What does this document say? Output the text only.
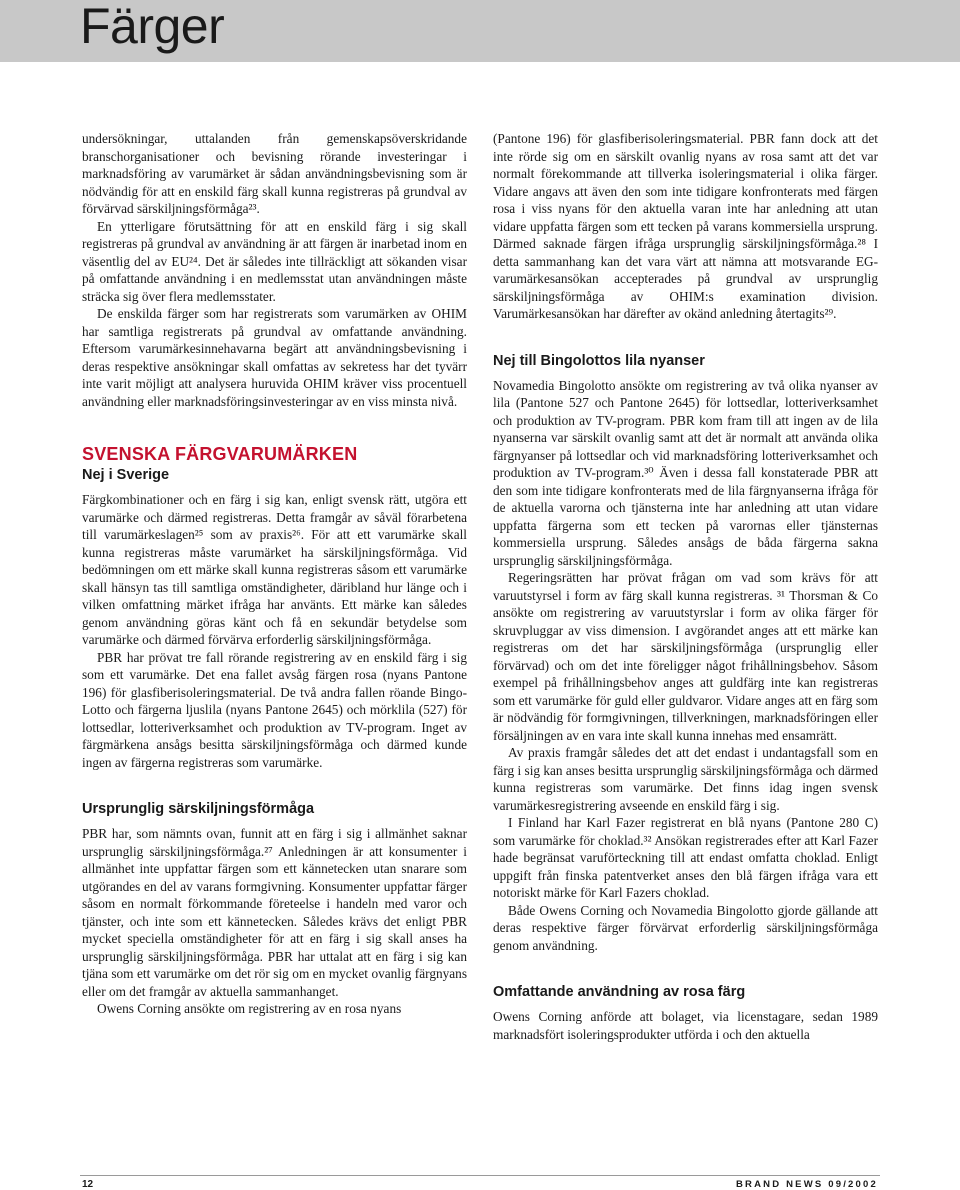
Färger

undersökningar, uttalanden från gemenskapsöverskridande branschorganisationer och bevisning rörande investeringar i marknadsföring av varumärket är sådan användningsbevisning som är nödvändig för att en enskild färg skall kunna registreras på grundval av förvärvad särskiljningsförmåga²³.

En ytterligare förutsättning för att en enskild färg i sig skall registreras på grundval av användning är att färgen är inarbetad inom en väsentlig del av EU²⁴. Det är således inte tillräckligt att sökanden visar på omfattande användning i en medlemsstat utan användningen måste sträcka sig över flera medlemsstater.

De enskilda färger som har registrerats som varumärken av OHIM har samtliga registrerats på grundval av omfattande användning. Eftersom varumärkesinnehavarna begärt att användningsbevisning i deras respektive ansökningar skall omfattas av sekretess har det tyvärr inte varit möjligt att analysera huruvida OHIM kräver viss procentuell användning eller marknadsföringsinvesteringar av en viss minsta nivå.

SVENSKA FÄRGVARUMÄRKEN
Nej i Sverige

Färgkombinationer och en färg i sig kan, enligt svensk rätt, utgöra ett varumärke och därmed registreras. Detta framgår av såväl förarbetena till varumärkeslagen²⁵ som av praxis²⁶. För att ett varumärke skall kunna registreras måste varumärket ha särskiljningsförmåga. Vid bedömningen om ett märke skall kunna registreras såsom ett varumärke skall hänsyn tas till samtliga omständigheter, däribland hur länge och i vilken omfattning märket ifråga har använts. Ett märke kan således genom användning göras känt och få en sekundär betydelse som varumärke och därmed förvärva erforderlig särskiljningsförmåga.

PBR har prövat tre fall rörande registrering av en enskild färg i sig som ett varumärke. Det ena fallet avsåg färgen rosa (nyans Pantone 196) för glasfiberisoleringsmaterial. De två andra fallen röande Bingo-Lotto och färgerna ljuslila (nyans Pantone 2645) och mörklila (527) för lottsedlar, lotteriverksamhet och produktion av TV-program. Inget av färgmärkena ansågs besitta särskiljningsförmåga och därmed kunde ingen av färgerna registreras som varumärke.

Ursprunglig särskiljningsförmåga

PBR har, som nämnts ovan, funnit att en färg i sig i allmänhet saknar ursprunglig särskiljningsförmåga.²⁷ Anledningen är att konsumenter i allmänhet inte uppfattar färgen som ett kännetecken utan snarare som utgörandes en del av varans formgivning. Konsumenter uppfattar färger såsom en normalt förkommande företeelse i handeln med varor och tjänster, och inte som ett kännetecken. Således krävs det enligt PBR mycket speciella omständigheter för att en färg i sig skall anses ha ursprunglig särskiljningsförmåga. PBR har uttalat att en färg i sig kan tjäna som ett varumärke om det rör sig om en mycket ovanlig färgnyans eller om det framgår av aktuella sammanhanget.

Owens Corning ansökte om registrering av en rosa nyans

(Pantone 196) för glasfiberisoleringsmaterial. PBR fann dock att det inte rörde sig om en särskilt ovanlig nyans av rosa samt att det var normalt förekommande att tillverka isoleringsmaterial i olika färger. Vidare angavs att även den som inte tidigare konfronterats med färgen rosa i viss nyans för den aktuella varan inte har anledning att utan vidare uppfatta färgen som ett tecken på varans kommersiella ursprung. Därmed saknade färgen ifråga ursprunglig särskiljningsförmåga.²⁸ I detta sammanhang kan det vara värt att nämna att motsvarande EG-varumärkesansökan accepterades på grundval av ursprunglig särskiljningsförmåga av OHIM:s examination division. Varumärkesansökan har därefter av okänd anledning återtagits²⁹.

Nej till Bingolottos lila nyanser

Novamedia Bingolotto ansökte om registrering av två olika nyanser av lila (Pantone 527 och Pantone 2645) för lottsedlar, lotteriverksamhet och produktion av TV-program. PBR kom fram till att ingen av de lila nyanserna var särskilt ovanlig samt att det är normalt att använda olika färgnyanser på lottsedlar och vid marknadsföring lotteriverksamhet och produktion av TV-program.³⁰ Även i dessa fall konstaterade PBR att den som inte tidigare konfronterats med de lila färgnyanserna ifråga för de aktuella varorna och tjänsterna inte har anledning att utan vidare uppfatta färgerna som ett tecken på varornas eller tjänsternas kommersiella ursprung. Således ansågs de båda färgerna sakna ursprunglig särskiljningsförmåga.

Regeringsrätten har prövat frågan om vad som krävs för att varuutstyrsel i form av färg skall kunna registreras. ³¹ Thorsman & Co ansökte om registrering av varuutstyrslar i form av olika färger för skruvpluggar av viss dimension. I avgörandet anges att ett märke kan registreras om det har särskiljningsförmåga (ursprunglig eller förvärvad) och om det inte föreligger något frihållningsbehov. Såsom exempel på frihållningsbehov anges att guldfärg inte kan registreras som ett varumärke för guld eller guldvaror. Vidare anges att en färg som är nödvändig för formgivningen, tillverkningen, marknadsföringen eller försäljningen av en vara inte skall kunna innehas med ensamrätt.

Av praxis framgår således det att det endast i undantagsfall som en färg i sig kan anses besitta ursprunglig särskiljningsförmåga och därmed kunna registreras som varumärke. Det finns idag ingen svensk varumärkesregistrering avseende en enskild färg i sig.

I Finland har Karl Fazer registrerat en blå nyans (Pantone 280 C) som varumärke för choklad.³² Ansökan registrerades efter att Karl Fazer hade begränsat varuförteckning till att endast omfatta choklad. Enligt uppgift från finska patentverket anses den blå färgen ifråga vara ett notoriskt märke för Karl Fazers choklad.

Både Owens Corning och Novamedia Bingolotto gjorde gällande att deras respektive färger förvärvat erforderlig särskiljningsförmåga genom användning.

Omfattande användning av rosa färg

Owens Corning anförde att bolaget, via licenstagare, sedan 1989 marknadsfört isoleringsprodukter utförda i och den aktuella

12	BRAND NEWS 09/2002
